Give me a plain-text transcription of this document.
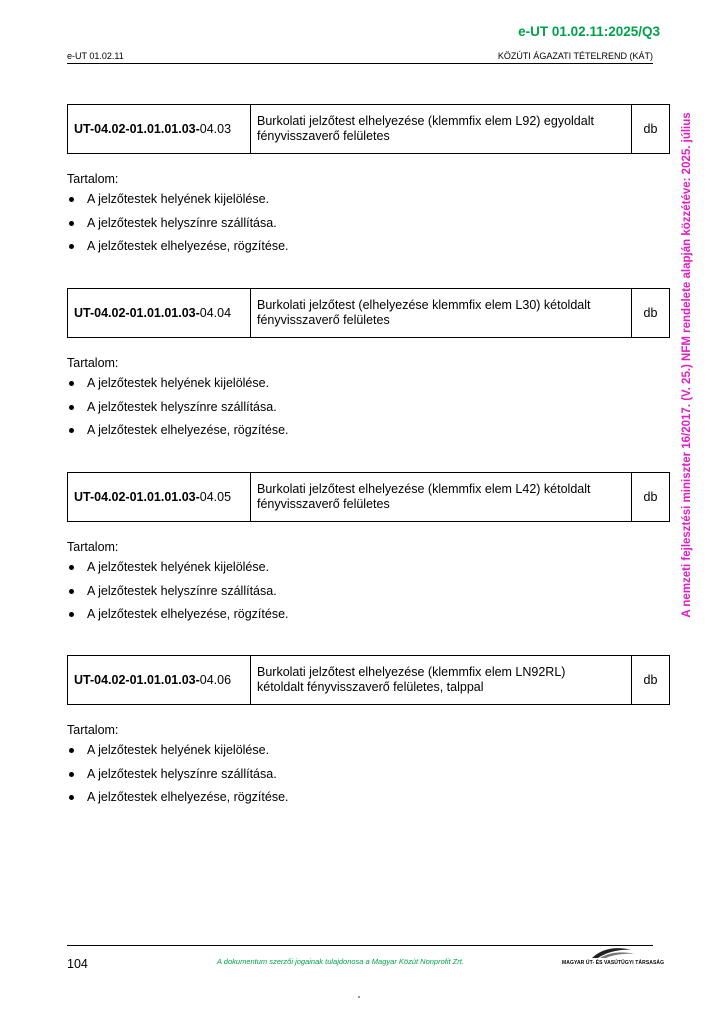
e-UT 01.02.11:2025/Q3
e-UT 01.02.11	KÖZÚTI ÁGAZATI TÉTELREND (KÁT)
A nemzeti fejlesztési miniszter 16/2017. (V. 25.) NFM rendelete alapján közzétéve: 2025. július
UT-04.02-01.01.01.03-04.03	Burkolati jelzőtest elhelyezése (klemmfix elem L92) egyoldalt
fényvisszaverő felületes	db
Tartalom:
A jelzőtestek helyének kijelölése.
A jelzőtestek helyszínre szállítása.
A jelzőtestek elhelyezése, rögzítése.
UT-04.02-01.01.01.03-04.04	Burkolati jelzőtest (elhelyezése klemmfix elem L30) kétoldalt
fényvisszaverő felületes	db
Tartalom:
A jelzőtestek helyének kijelölése.
A jelzőtestek helyszínre szállítása.
A jelzőtestek elhelyezése, rögzítése.
UT-04.02-01.01.01.03-04.05	Burkolati jelzőtest elhelyezése (klemmfix elem L42) kétoldalt
fényvisszaverő felületes	db
Tartalom:
A jelzőtestek helyének kijelölése.
A jelzőtestek helyszínre szállítása.
A jelzőtestek elhelyezése, rögzítése.
UT-04.02-01.01.01.03-04.06	Burkolati jelzőtest elhelyezése (klemmfix elem LN92RL)
kétoldalt fényvisszaverő felületes, talppal	db
Tartalom:
A jelzőtestek helyének kijelölése.
A jelzőtestek helyszínre szállítása.
A jelzőtestek elhelyezése, rögzítése.
104	A dokumentum szerzői jogainak tulajdonosa a Magyar Közút Nonprofit Zrt.	MAGYAR ÚT- ÉS VASÚTÜGYI TÁRSASÁG
